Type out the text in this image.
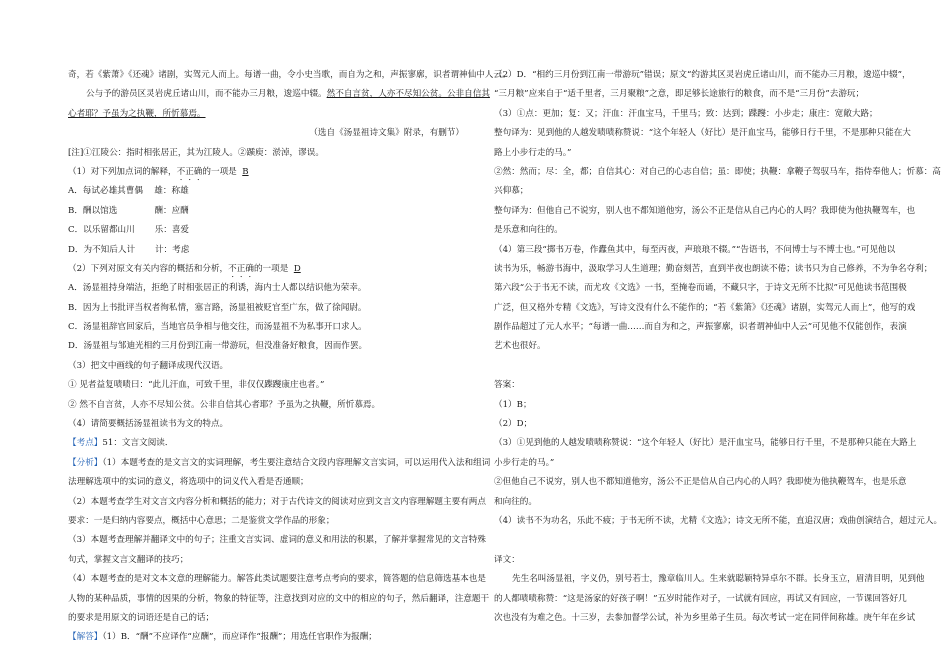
奇，若《紫萧》《还魂》诸剧，实驾元人而上。每谱一曲，令小史当歌，而自为之和，声振寥廓，识者谓神仙中人云。
公与予的游员区灵岩虎丘诸山川，而不能办三月粮，逡巡中辍。然不自言贫，人亦不尽知公贫。公非自信其
心者耶？予虽为之执鞭，所忻慕焉。
（选自《汤显祖诗文集》附录，有删节）
[注]①江陵公：指时相张居正，其为江陵人。②踬庾：淤淖，谬误。
（1）对下列加点词的解释，不正确的一项是 B
A．每试必雄其曹偶　 雄：称雄
B．酬以馆选　　　　 酬：应酬
C．以乐留都山川　　 乐：喜爱
D．为不知后人计　　 计：考虑
（2）下列对原文有关内容的概括和分析，不正确的一项是 D
A．汤显祖持身端洁，拒绝了时相张居正的利诱，海内士人都以结识他为荣幸。
B．因为上书批评当权者徇私情，塞言路，汤显祖被贬官至广东，做了徐闻尉。
C．汤显祖辞官回家后，当地官员争相与他交往，而汤显祖不为私事开口求人。
D．汤显祖与邹迪光相约三月份到江南一带游玩，但没准备好粮食，因而作罢。
（3）把文中画线的句子翻译成现代汉语。
① 见者益复啧啧曰：“此儿汗血，可致千里，非仅仅蹀躞康庄也者。”
② 然不自言贫，人亦不尽知公贫。公非自信其心者耶？予虽为之执鞭，所忻慕焉。
（4）请简要概括汤显祖读书为文的特点。
【考点】51：文言文阅读．
【分析】（1）本题考查的是文言文的实词理解，考生要注意结合文段内容理解文言实词，可以运用代入法和组词
法理解选项中的实词的意义，将选项中的词义代入看是否通顺；
（2）本题考查学生对文言文内容分析和概括的能力；对于古代诗文的阅读对应到文言文内容理解题主要有两点
要求：一是归纳内容要点，概括中心意思；二是鉴赏文学作品的形象；
（3）本题考查理解并翻译文中的句子；注重文言实词、虚词的意义和用法的积累，了解并掌握常见的文言特殊
句式，掌握文言文翻译的技巧；
（4）本题考查的是对文本文意的理解能力。解答此类试题要注意考点考向的要求，简答题的信息筛选基本也是
人物的某种品质，事情的因果的分析，物象的特征等，注意找到对应的文中的相应的句子，然后翻译，注意题干
的要求是用原文的词语还是自己的话；
【解答】（1）B．“酬”不应译作“应酬”，而应译作“报酬”；用选任官职作为报酬；
（2）D．“相约三月份到江南一带游玩”错误；原文“约游其区灵岩虎丘诸山川，而不能办三月粮，逡巡中辍”，
“三月粮”应来自于“适千里者，三月聚粮”之意，即足够长途旅行的粮食，而不是“三月份”去游玩；
（3）①点：更加；复：又；汗血：汗血宝马，千里马；致：达到；蹀躞：小步走；康庄：宽敞大路；
整句译为：见到他的人越发啧啧称赞说：“这个年轻人（好比）是汗血宝马，能够日行千里，不是那种只能在大
路上小步行走的马。”
②然：然而；尽：全，都；自信其心：对自己的心志自信；虽：即使；执鞭：拿鞭子驾驭马车，指侍奉他人；忻慕：高
兴仰慕；
整句译为：但他自己不说穷，别人也不都知道他穷，汤公不正是信从自己内心的人吗？我即使为他执鞭驾车，也
是乐意和向往的。
（4）第三段“掷书万卷，作蠹鱼其中，每至丙夜，声琅琅不辍。”“告语书，不问博士与不博士也。”可见他以
读书为乐，畅游书海中，汲取学习人生道理；勤奋刻苦，直到半夜也朗读不倦；读书只为自己修养，不为争名夺利；
第六段“公于书无不读，而尤攻《文选》一书，至掩卷而诵，不藏只字，于诗文无所不比拟”可见他读书范围极
广泛，但又格外专精《文选》，写诗文没有什么不能作的；“若《紫箫》《还魂》诸剧，实驾元人而上”，他写的戏
剧作品超过了元人水平；“每谱一曲……而自为和之，声振寥廓，识者谓神仙中人云”可见他不仅能创作，表演
艺术也很好。
答案：
（1）B；
（2）D；
（3）①见到他的人越发啧啧称赞说：“这个年轻人（好比）是汗血宝马，能够日行千里，不是那种只能在大路上
小步行走的马。”
②但他自己不说穷，别人也不都知道他穷，汤公不正是信从自己内心的人吗？我即使为他执鞭驾车，也是乐意
和向往的。
（4）读书不为功名，乐此不疲；于书无所不读，尤精《文选》；诗文无所不能，直追汉唐；戏曲创演结合，超过元人。
译文：
先生名叫汤显祖，字义仍，别号若士，豫章临川人。生来就聪颖特异卓尔不群。长身玉立，眉清目明，见到他
的人都啧啧称赞：“这是汤家的好孩子啊！”五岁时能作对子，一试就有回应，再试又有回应，一节课回答好几
次也没有为难之色。十三岁，去参加督学公试，补为乡里弟子生员。每次考试一定在同伴间称雄。庚午年在乡试
